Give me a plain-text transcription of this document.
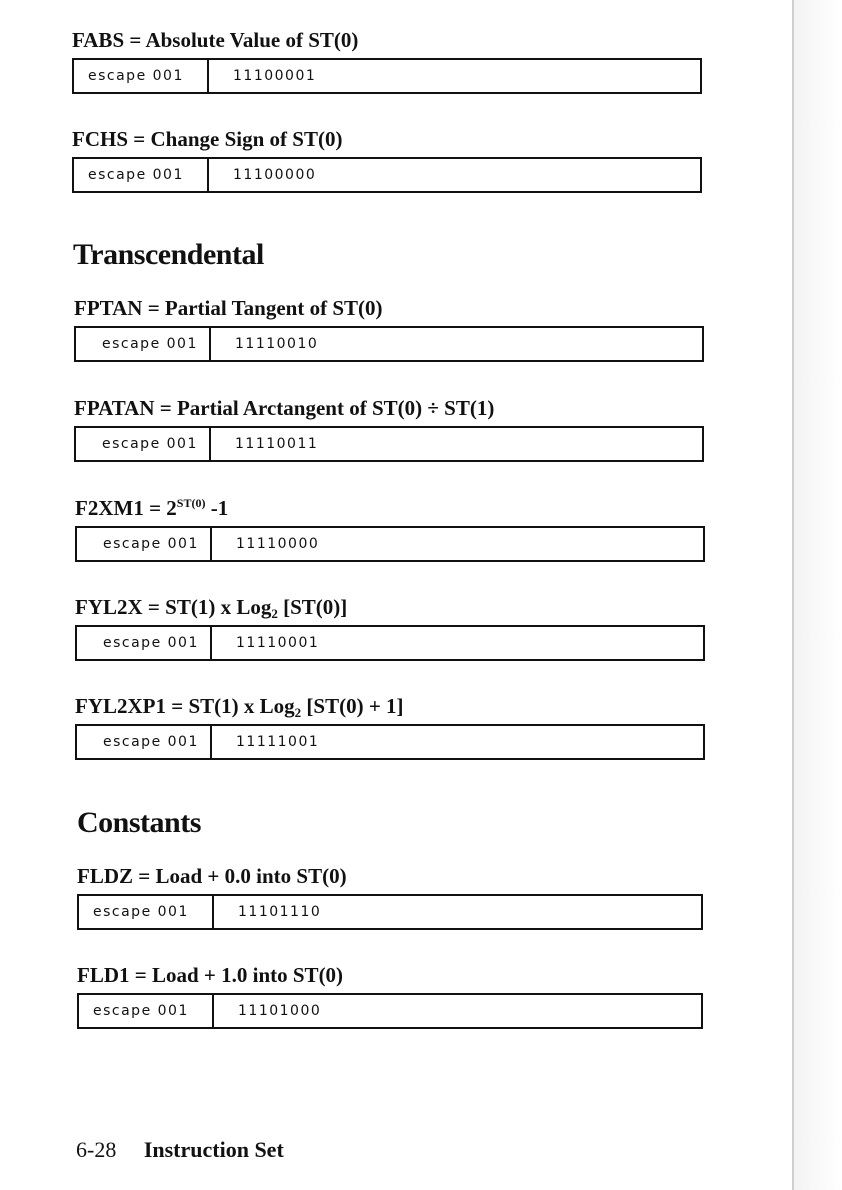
FABS = Absolute Value of ST(0)
escape 001	11100001
FCHS = Change Sign of ST(0)
escape 001	11100000
Transcendental
FPTAN = Partial Tangent of ST(0)
escape 001	11110010
FPATAN = Partial Arctangent of ST(0) ÷ ST(1)
escape 001	11110011
$F2XM1 = 2^{ST(0)}$ -1
escape 001	11110000
FYL2X = ST(1) x Log$_2$ [ST(0)]
escape 001	11110001
FYL2XP1 = ST(1) x Log$_2$ [ST(0) + 1]
escape 001	11111001
Constants
FLDZ = Load + 0.0 into ST(0)
escape 001	11101110
FLD1 = Load + 1.0 into ST(0)
escape 001	11101000
6-28 Instruction Set
